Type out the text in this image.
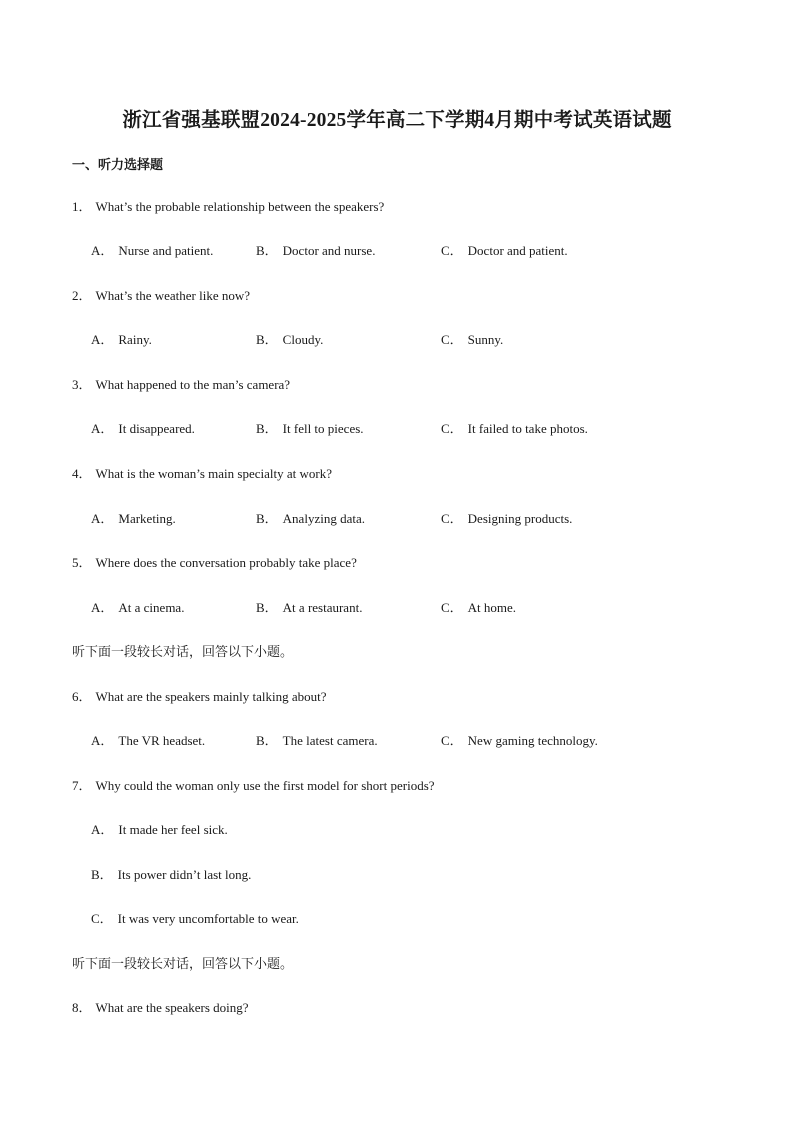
浙江省强基联盟2024-2025学年高二下学期4月期中考试英语试题
一、听力选择题
1． What’s the probable relationship between the speakers?
A． Nurse and patient.	B． Doctor and nurse.	C． Doctor and patient.
2． What’s the weather like now?
A． Rainy.	B． Cloudy.	C． Sunny.
3． What happened to the man’s camera?
A． It disappeared.	B． It fell to pieces.	C． It failed to take photos.
4． What is the woman’s main specialty at work?
A． Marketing.	B． Analyzing data.	C． Designing products.
5． Where does the conversation probably take place?
A． At a cinema.	B． At a restaurant.	C． At home.
听下面一段较长对话，回答以下小题。
6． What are the speakers mainly talking about?
A． The VR headset.	B． The latest camera.	C． New gaming technology.
7． Why could the woman only use the first model for short periods?
A． It made her feel sick.
B． Its power didn’t last long.
C． It was very uncomfortable to wear.
听下面一段较长对话，回答以下小题。
8． What are the speakers doing?
